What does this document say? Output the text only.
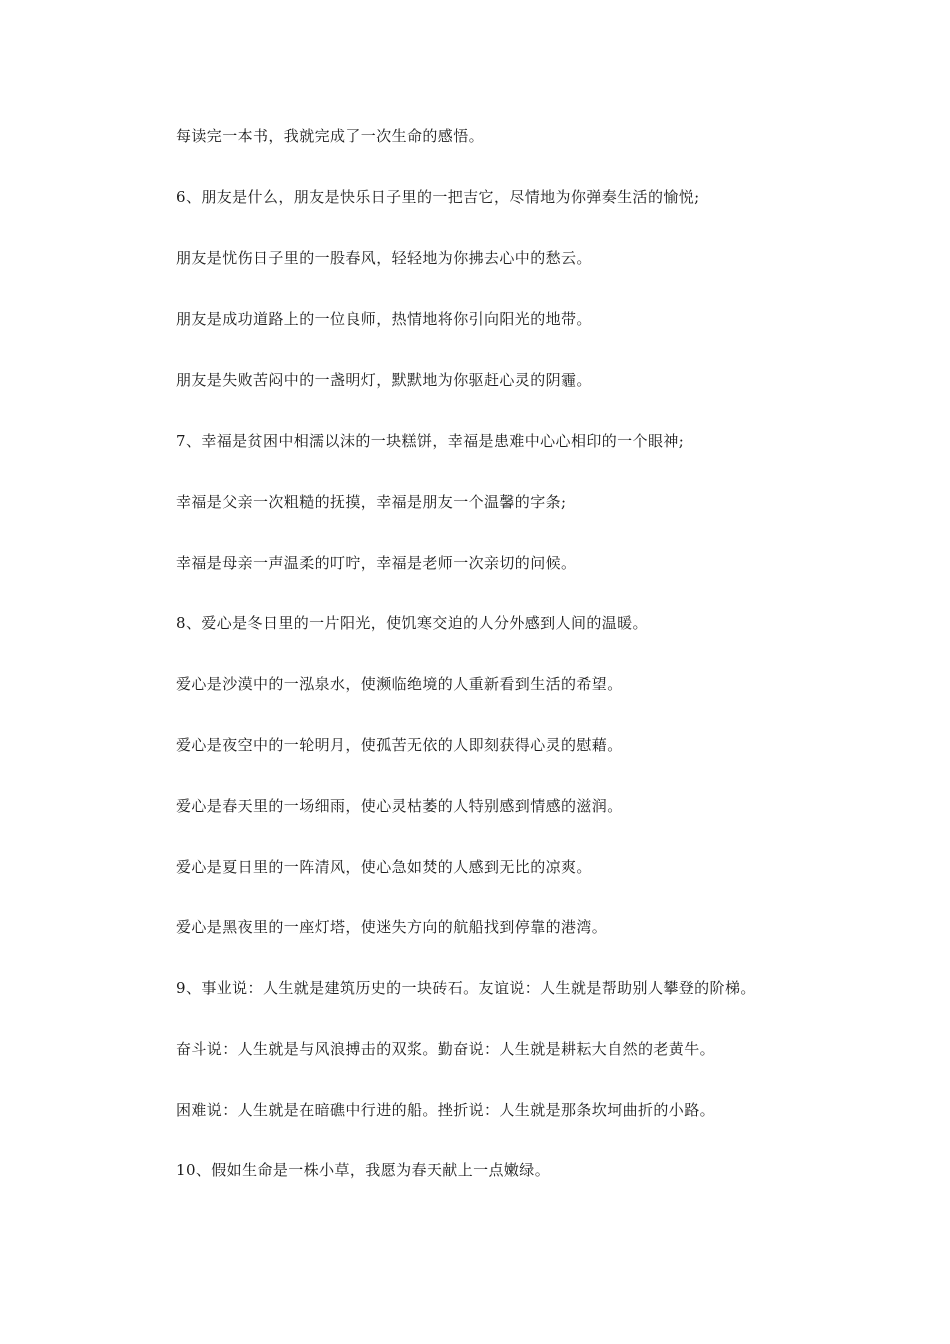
每读完一本书，我就完成了一次生命的感悟。
6、朋友是什么，朋友是快乐日子里的一把吉它，尽情地为你弹奏生活的愉悦;
朋友是忧伤日子里的一股春风，轻轻地为你拂去心中的愁云。
朋友是成功道路上的一位良师，热情地将你引向阳光的地带。
朋友是失败苦闷中的一盏明灯，默默地为你驱赶心灵的阴霾。
7、幸福是贫困中相濡以沫的一块糕饼，幸福是患难中心心相印的一个眼神;
幸福是父亲一次粗糙的抚摸，幸福是朋友一个温馨的字条;
幸福是母亲一声温柔的叮咛，幸福是老师一次亲切的问候。
8、爱心是冬日里的一片阳光，使饥寒交迫的人分外感到人间的温暖。
爱心是沙漠中的一泓泉水，使濒临绝境的人重新看到生活的希望。
爱心是夜空中的一轮明月，使孤苦无依的人即刻获得心灵的慰藉。
爱心是春天里的一场细雨，使心灵枯萎的人特别感到情感的滋润。
爱心是夏日里的一阵清风，使心急如焚的人感到无比的凉爽。
爱心是黑夜里的一座灯塔，使迷失方向的航船找到停靠的港湾。
9、事业说：人生就是建筑历史的一块砖石。友谊说：人生就是帮助别人攀登的阶梯。
奋斗说：人生就是与风浪搏击的双浆。勤奋说：人生就是耕耘大自然的老黄牛。
困难说：人生就是在暗礁中行进的船。挫折说：人生就是那条坎坷曲折的小路。
10、假如生命是一株小草，我愿为春天献上一点嫩绿。
